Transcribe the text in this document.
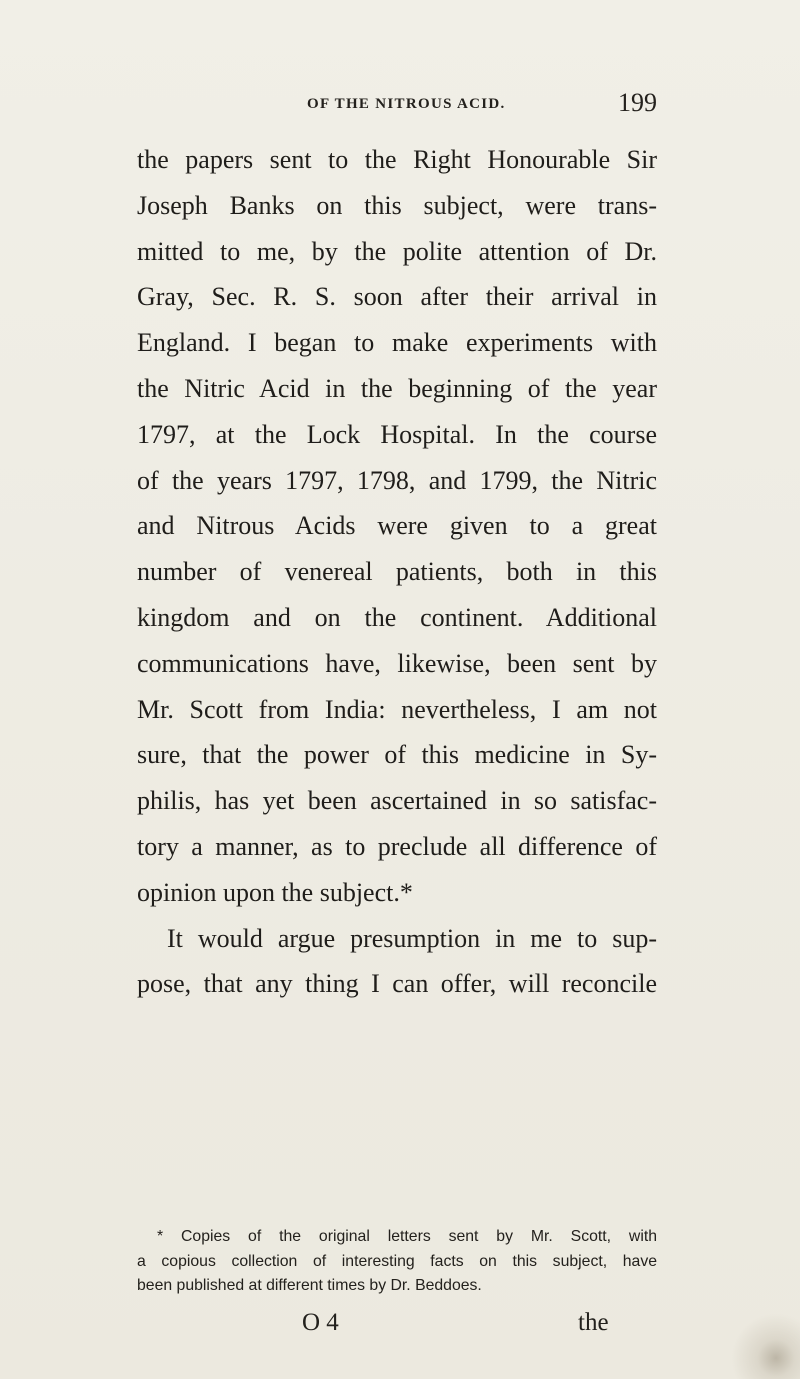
OF THE NITROUS ACID.	199
the papers sent to the Right Honourable Sir
Joseph Banks on this subject, were trans-
mitted to me, by the polite attention of Dr.
Gray, Sec. R. S. soon after their arrival in
England. I began to make experiments with
the Nitric Acid in the beginning of the year
1797, at the Lock Hospital. In the course
of the years 1797, 1798, and 1799, the Nitric
and Nitrous Acids were given to a great
number of venereal patients, both in this
kingdom and on the continent. Additional
communications have, likewise, been sent by
Mr. Scott from India: nevertheless, I am not
sure, that the power of this medicine in Sy-
philis, has yet been ascertained in so satisfac-
tory a manner, as to preclude all difference of
opinion upon the subject.*
It would argue presumption in me to sup-
pose, that any thing I can offer, will reconcile
* Copies of the original letters sent by Mr. Scott, with
a copious collection of interesting facts on this subject, have
been published at different times by Dr. Beddoes.
O 4	the
